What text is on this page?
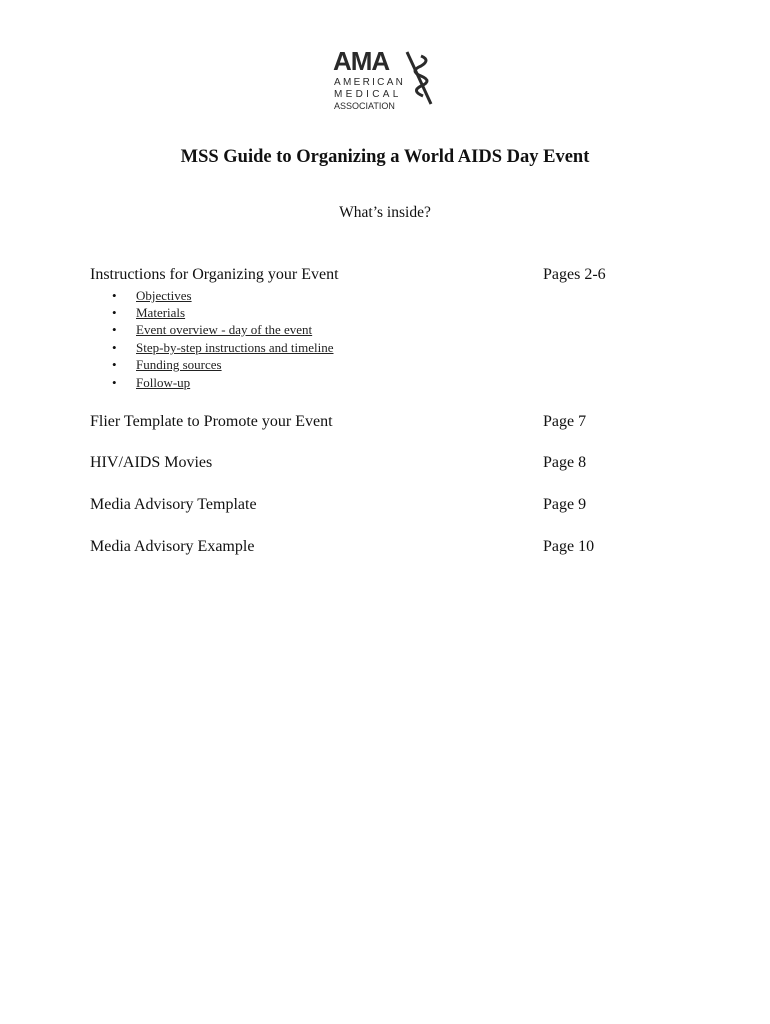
AMA
AMERICAN
MEDICAL
ASSOCIATION
MSS Guide to Organizing a World AIDS Day Event
What’s inside?
Instructions for Organizing your Event	Pages 2-6
• Objectives
• Materials
• Event overview - day of the event
• Step-by-step instructions and timeline
• Funding sources
• Follow-up
Flier Template to Promote your Event	Page 7
HIV/AIDS Movies	Page 8
Media Advisory Template	Page 9
Media Advisory Example	Page 10
